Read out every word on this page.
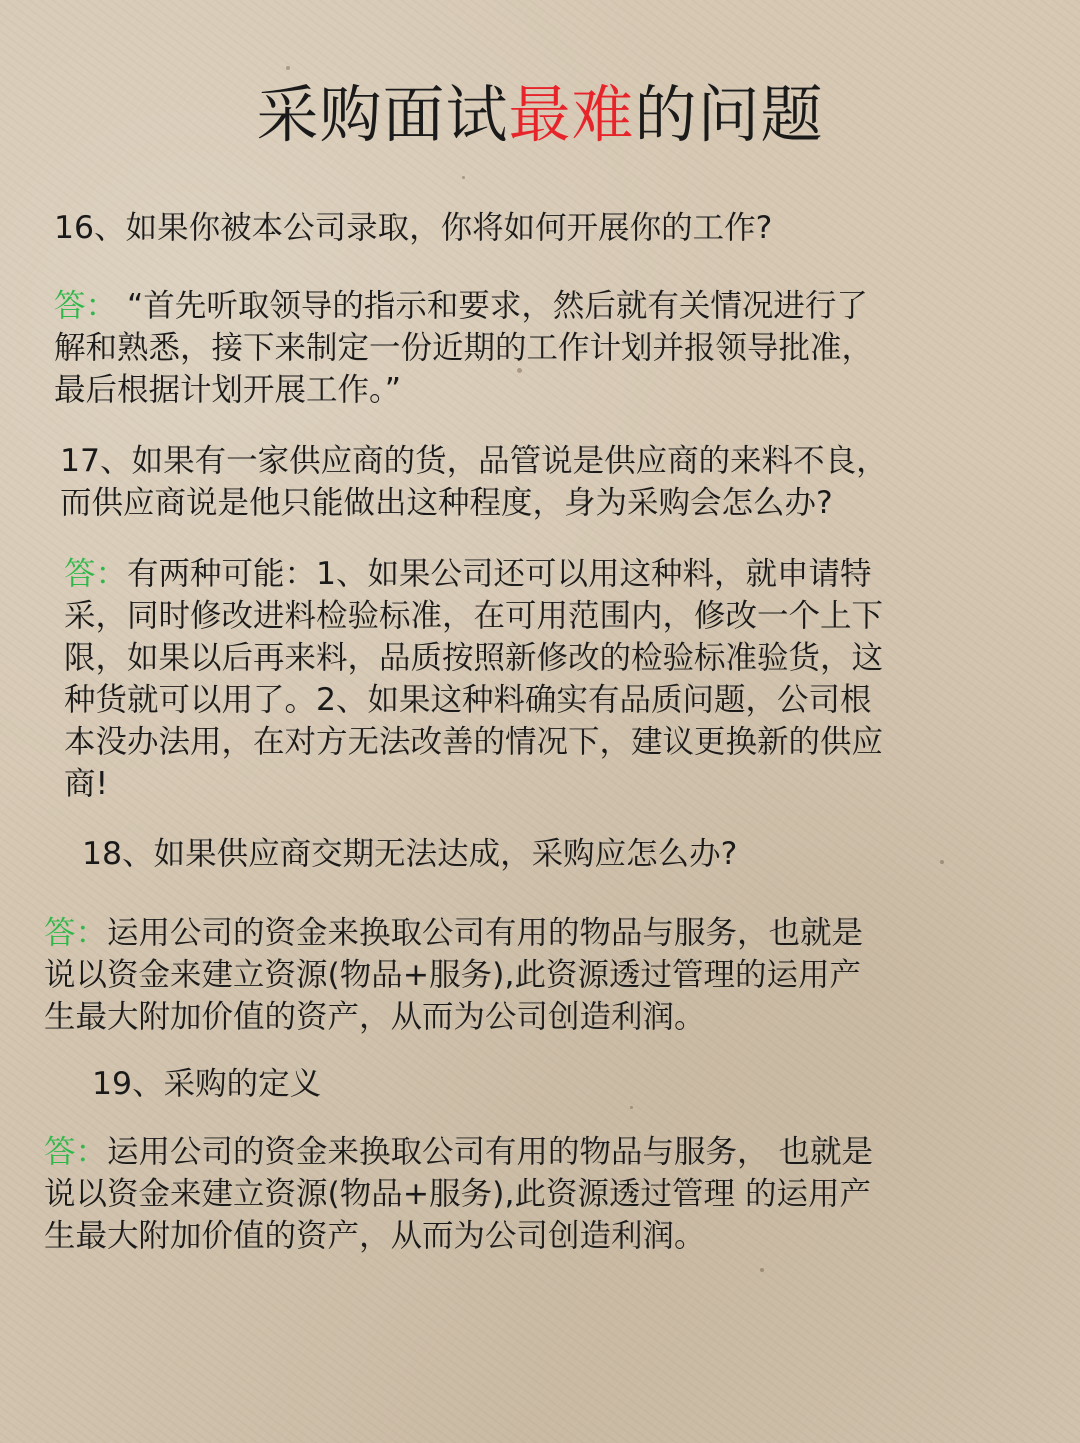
采购面试最难的问题
16、如果你被本公司录取，你将如何开展你的工作?
答： “首先听取领导的指示和要求，然后就有关情况进行了
解和熟悉，接下来制定一份近期的工作计划并报领导批准，
最后根据计划开展工作。”
17、如果有一家供应商的货，品管说是供应商的来料不良，
而供应商说是他只能做出这种程度，身为采购会怎么办?
答：有两种可能：1、如果公司还可以用这种料，就申请特
采，同时修改进料检验标准，在可用范围内，修改一个上下
限，如果以后再来料，品质按照新修改的检验标准验货，这
种货就可以用了。2、如果这种料确实有品质问题，公司根
本没办法用，在对方无法改善的情况下，建议更换新的供应
商!
18、如果供应商交期无法达成，采购应怎么办?
答：运用公司的资金来换取公司有用的物品与服务，也就是
说以资金来建立资源(物品+服务),此资源透过管理的运用产
生最大附加价值的资产，从而为公司创造利润。
19、采购的定义
答：运用公司的资金来换取公司有用的物品与服务， 也就是
说以资金来建立资源(物品+服务),此资源透过管理 的运用产
生最大附加价值的资产，从而为公司创造利润。
